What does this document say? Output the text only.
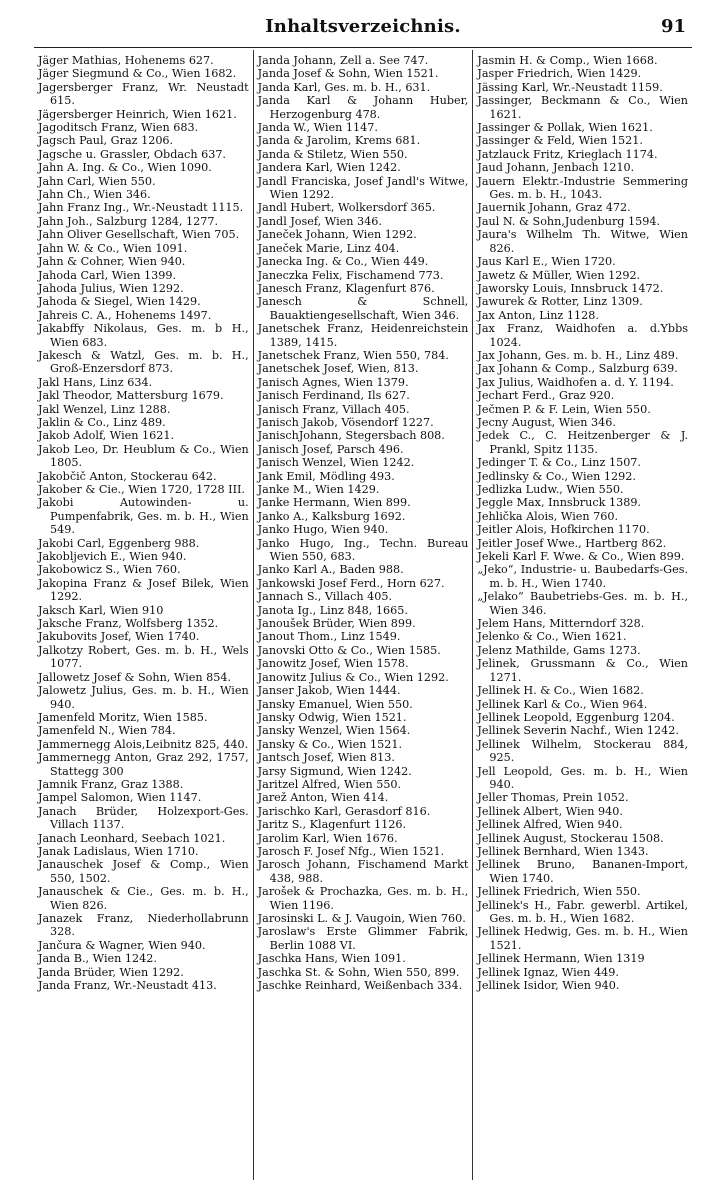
Inhaltsverzeichnis.	91
Jäger Mathias, Hohenems 627.
Jäger Siegmund & Co., Wien 1682.
Jagersberger Franz, Wr. Neustadt 615.
Jägersberger Heinrich, Wien 1621.
Jagoditsch Franz, Wien 683.
Jagsch Paul, Graz 1206.
Jagsche u. Grassler, Obdach 637.
Jahn A. Ing. & Co., Wien 1090.
Jahn Carl, Wien 550.
Jahn Ch., Wien 346.
Jahn Franz Ing., Wr.-Neustadt 1115.
Jahn Joh., Salzburg 1284, 1277.
Jahn Oliver Gesellschaft, Wien 705.
Jahn W. & Co., Wien 1091.
Jahn & Cohner, Wien 940.
Jahoda Carl, Wien 1399.
Jahoda Julius, Wien 1292.
Jahoda & Siegel, Wien 1429.
Jahreis C. A., Hohenems 1497.
Jakabffy Nikolaus, Ges. m. b H., Wien 683.
Jakesch & Watzl, Ges. m. b. H., Groß-Enzersdorf 873.
Jakl Hans, Linz 634.
Jakl Theodor, Mattersburg 1679.
Jakl Wenzel, Linz 1288.
Jaklin & Co., Linz 489.
Jakob Adolf, Wien 1621.
Jakob Leo, Dr. Heublum & Co., Wien 1805.
Jakobčič Anton, Stockerau 642.
Jakober & Cie., Wien 1720, 1728 III.
Jakobi Autowinden- u. Pumpenfabrik, Ges. m. b. H., Wien 549.
Jakobi Carl, Eggenberg 988.
Jakobljevich E., Wien 940.
Jakobowicz S., Wien 760.
Jakopina Franz & Josef Bilek, Wien 1292.
Jaksch Karl, Wien 910
Jaksche Franz, Wolfsberg 1352.
Jakubovits Josef, Wien 1740.
Jalkotzy Robert, Ges. m. b. H., Wels 1077.
Jallowetz Josef & Sohn, Wien 854.
Jalowetz Julius, Ges. m. b. H., Wien 940.
Jamenfeld Moritz, Wien 1585.
Jamenfeld N., Wien 784.
Jammernegg Alois,Leibnitz 825, 440.
Jammernegg Anton, Graz 292, 1757, Stattegg 300
Jamnik Franz, Graz 1388.
Jampel Salomon, Wien 1147.
Janach Brüder, Holzexport-Ges. Villach 1137.
Janach Leonhard, Seebach 1021.
Janak Ladislaus, Wien 1710.
Janauschek Josef & Comp., Wien 550, 1502.
Janauschek & Cie., Ges. m. b. H., Wien 826.
Janazek Franz, Niederhollabrunn 328.
Jančura & Wagner, Wien 940.
Janda B., Wien 1242.
Janda Brüder, Wien 1292.
Janda Franz, Wr.-Neustadt 413.
Janda Johann, Zell a. See 747.
Janda Josef & Sohn, Wien 1521.
Janda Karl, Ges. m. b. H., 631.
Janda Karl & Johann Huber, Herzogenburg 478.
Janda W., Wien 1147.
Janda & Jarolim, Krems 681.
Janda & Stiletz, Wien 550.
Jandera Karl, Wien 1242.
Jandl Franciska, Josef Jandl's Witwe, Wien 1292.
Jandl Hubert, Wolkersdorf 365.
Jandl Josef, Wien 346.
Janeček Johann, Wien 1292.
Janeček Marie, Linz 404.
Janecka Ing. & Co., Wien 449.
Janeczka Felix, Fischamend 773.
Janesch Franz, Klagenfurt 876.
Janesch & Schnell, Bauaktiengesellschaft, Wien 346.
Janetschek Franz, Heidenreichstein 1389, 1415.
Janetschek Franz, Wien 550, 784.
Janetschek Josef, Wien, 813.
Janisch Agnes, Wien 1379.
Janisch Ferdinand, Ils 627.
Janisch Franz, Villach 405.
Janisch Jakob, Vösendorf 1227.
JanischJohann, Stegersbach 808.
Janisch Josef, Parsch 496.
Janisch Wenzel, Wien 1242.
Jank Emil, Mödling 493.
Janke M., Wien 1429.
Janke Hermann, Wien 899.
Janko A., Kalksburg 1692.
Janko Hugo, Wien 940.
Janko Hugo, Ing., Techn. Bureau Wien 550, 683.
Janko Karl A., Baden 988.
Jankowski Josef Ferd., Horn 627.
Jannach S., Villach 405.
Janota Ig., Linz 848, 1665.
Janoušek Brüder, Wien 899.
Janout Thom., Linz 1549.
Janovski Otto & Co., Wien 1585.
Janowitz Josef, Wien 1578.
Janowitz Julius & Co., Wien 1292.
Janser Jakob, Wien 1444.
Jansky Emanuel, Wien 550.
Jansky Odwig, Wien 1521.
Jansky Wenzel, Wien 1564.
Jansky & Co., Wien 1521.
Jantsch Josef, Wien 813.
Jarsy Sigmund, Wien 1242.
Jaritzel Alfred, Wien 550.
Jarež Anton, Wien 414.
Jarischko Karl, Gerasdorf 816.
Jaritz S., Klagenfurt 1126.
Jarolim Karl, Wien 1676.
Jarosch F. Josef Nfg., Wien 1521.
Jarosch Johann, Fischamend Markt 438, 988.
Jarošek & Prochazka, Ges. m. b. H., Wien 1196.
Jarosinski L. & J. Vaugoin, Wien 760.
Jaroslaw's Erste Glimmer Fabrik, Berlin 1088 VI.
Jaschka Hans, Wien 1091.
Jaschka St. & Sohn, Wien 550, 899.
Jaschke Reinhard, Weißenbach 334.
Jasmin H. & Comp., Wien 1668.
Jasper Friedrich, Wien 1429.
Jässing Karl, Wr.-Neustadt 1159.
Jassinger, Beckmann & Co., Wien 1621.
Jassinger & Pollak, Wien 1621.
Jassinger & Feld, Wien 1521.
Jatzlauck Fritz, Krieglach 1174.
Jaud Johann, Jenbach 1210.
Jauern Elektr.-Industrie Semmering Ges. m. b. H., 1043.
Jauernik Johann, Graz 472.
Jaul N. & Sohn,Judenburg 1594.
Jaura's Wilhelm Th. Witwe, Wien 826.
Jaus Karl E., Wien 1720.
Jawetz & Müller, Wien 1292.
Jaworsky Louis, Innsbruck 1472.
Jawurek & Rotter, Linz 1309.
Jax Anton, Linz 1128.
Jax Franz, Waidhofen a. d.Ybbs 1024.
Jax Johann, Ges. m. b. H., Linz 489.
Jax Johann & Comp., Salzburg 639.
Jax Julius, Waidhofen a. d. Y. 1194.
Jechart Ferd., Graz 920.
Ječmen P. & F. Lein, Wien 550.
Jecny August, Wien 346.
Jedek C., C. Heitzenberger & J. Prankl, Spitz 1135.
Jedinger T. & Co., Linz 1507.
Jedlinsky & Co., Wien 1292.
Jedlizka Ludw., Wien 550.
Jeggle Max, Innsbruck 1389.
Jehlička Alois, Wien 760.
Jeitler Alois, Hofkirchen 1170.
Jeitler Josef Wwe., Hartberg 862.
Jekeli Karl F. Wwe. & Co., Wien 899.
„Jeko“, Industrie- u. Baubedarfs-Ges. m. b. H., Wien 1740.
„Jelako“ Baubetriebs-Ges. m. b. H., Wien 346.
Jelem Hans, Mitterndorf 328.
Jelenko & Co., Wien 1621.
Jelenz Mathilde, Gams 1273.
Jelinek, Grussmann & Co., Wien 1271.
Jellinek H. & Co., Wien 1682.
Jellinek Karl & Co., Wien 964.
Jellinek Leopold, Eggenburg 1204.
Jellinek Severin Nachf., Wien 1242.
Jellinek Wilhelm, Stockerau 884, 925.
Jell Leopold, Ges. m. b. H., Wien 940.
Jeller Thomas, Prein 1052.
Jellinek Albert, Wien 940.
Jellinek Alfred, Wien 940.
Jellinek August, Stockerau 1508.
Jellinek Bernhard, Wien 1343.
Jellinek Bruno, Bananen-Import, Wien 1740.
Jellinek Friedrich, Wien 550.
Jellinek's H., Fabr. gewerbl. Artikel, Ges. m. b. H., Wien 1682.
Jellinek Hedwig, Ges. m. b. H., Wien 1521.
Jellinek Hermann, Wien 1319
Jellinek Ignaz, Wien 449.
Jellinek Isidor, Wien 940.
